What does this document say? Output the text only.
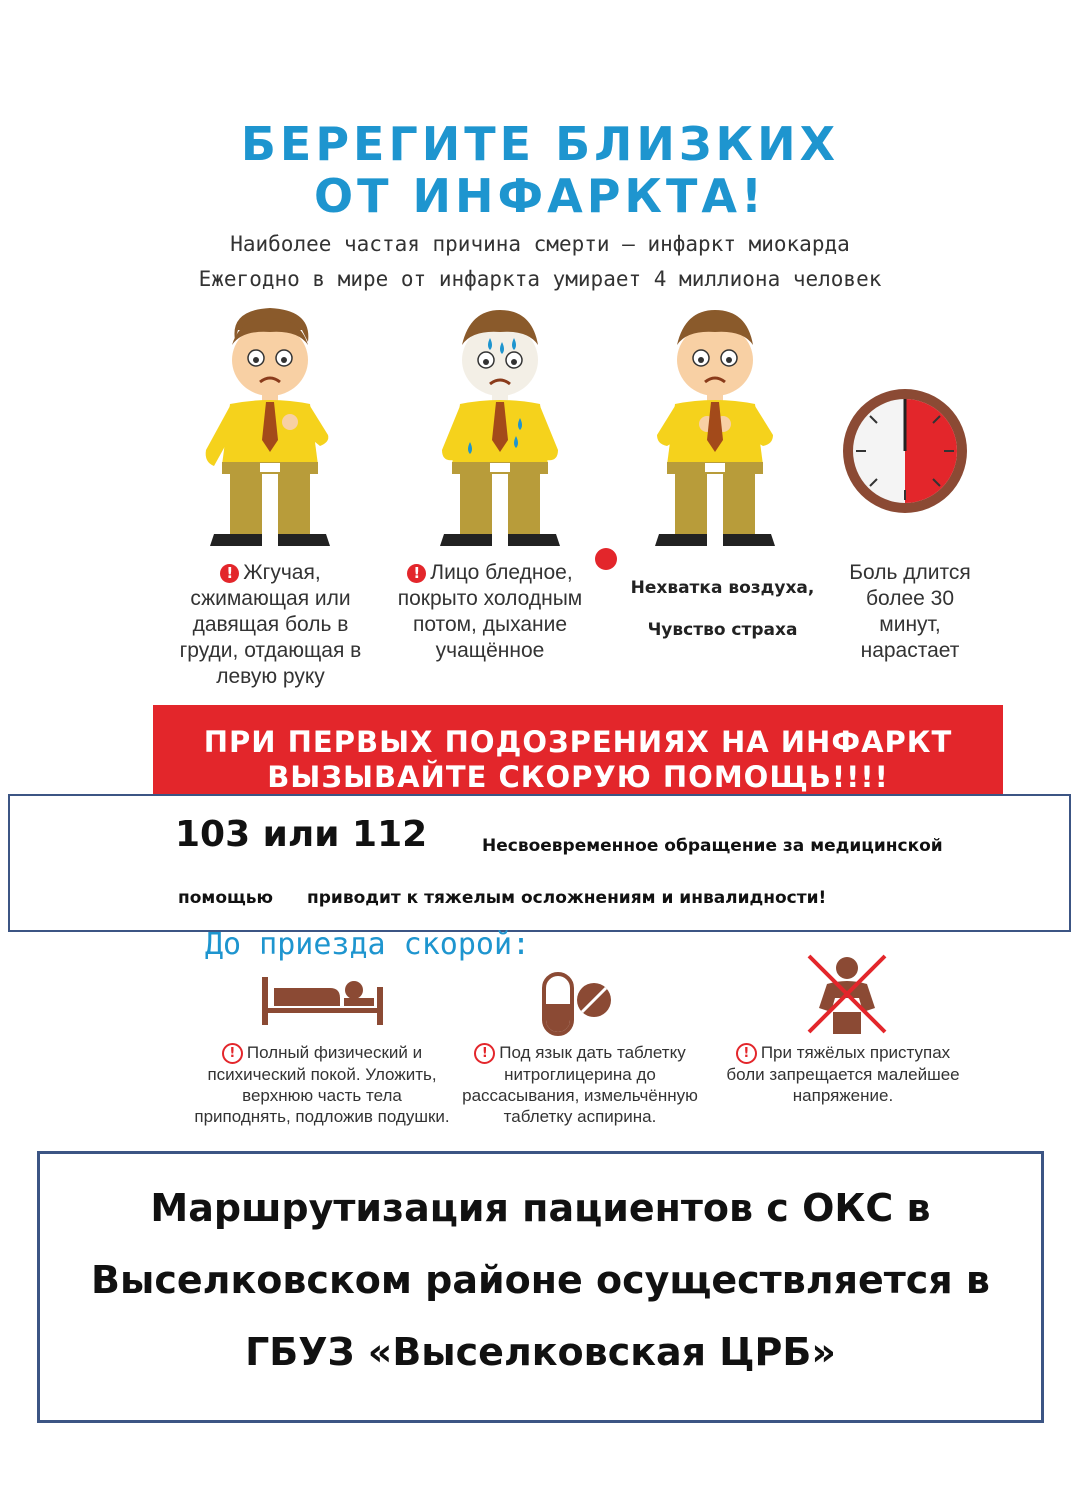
БЕРЕГИТЕ БЛИЗКИХ
ОТ ИНФАРКТА!
Наиболее частая причина смерти – инфаркт миокарда
Ежегодно в мире от инфаркта умирает 4 миллиона человек
! Жгучая, сжимающая или давящая боль в груди, отдающая в левую руку
! Лицо бледное, покрыто холодным потом, дыхание учащённое
Нехватка воздуха,
Чувство страха
Боль длится более 30 минут, нарастает
ПРИ ПЕРВЫХ ПОДОЗРЕНИЯХ НА ИНФАРКТ
ВЫЗЫВАЙТЕ СКОРУЮ ПОМОЩЬ!!!!
103 или 112	Несвоевременное обращение за медицинской
помощью приводит к тяжелым осложнениям и инвалидности!
До приезда скорой:
! Полный физический и психический покой. Уложить, верхнюю часть тела приподнять, подложив подушки.
! Под язык дать таблетку нитроглицерина до рассасывания, измельчённую таблетку аспирина.
! При тяжёлых приступах боли запрещается малейшее напряжение.
Маршрутизация пациентов с ОКС в
Выселковском районе осуществляется в
ГБУЗ «Выселковская ЦРБ»
